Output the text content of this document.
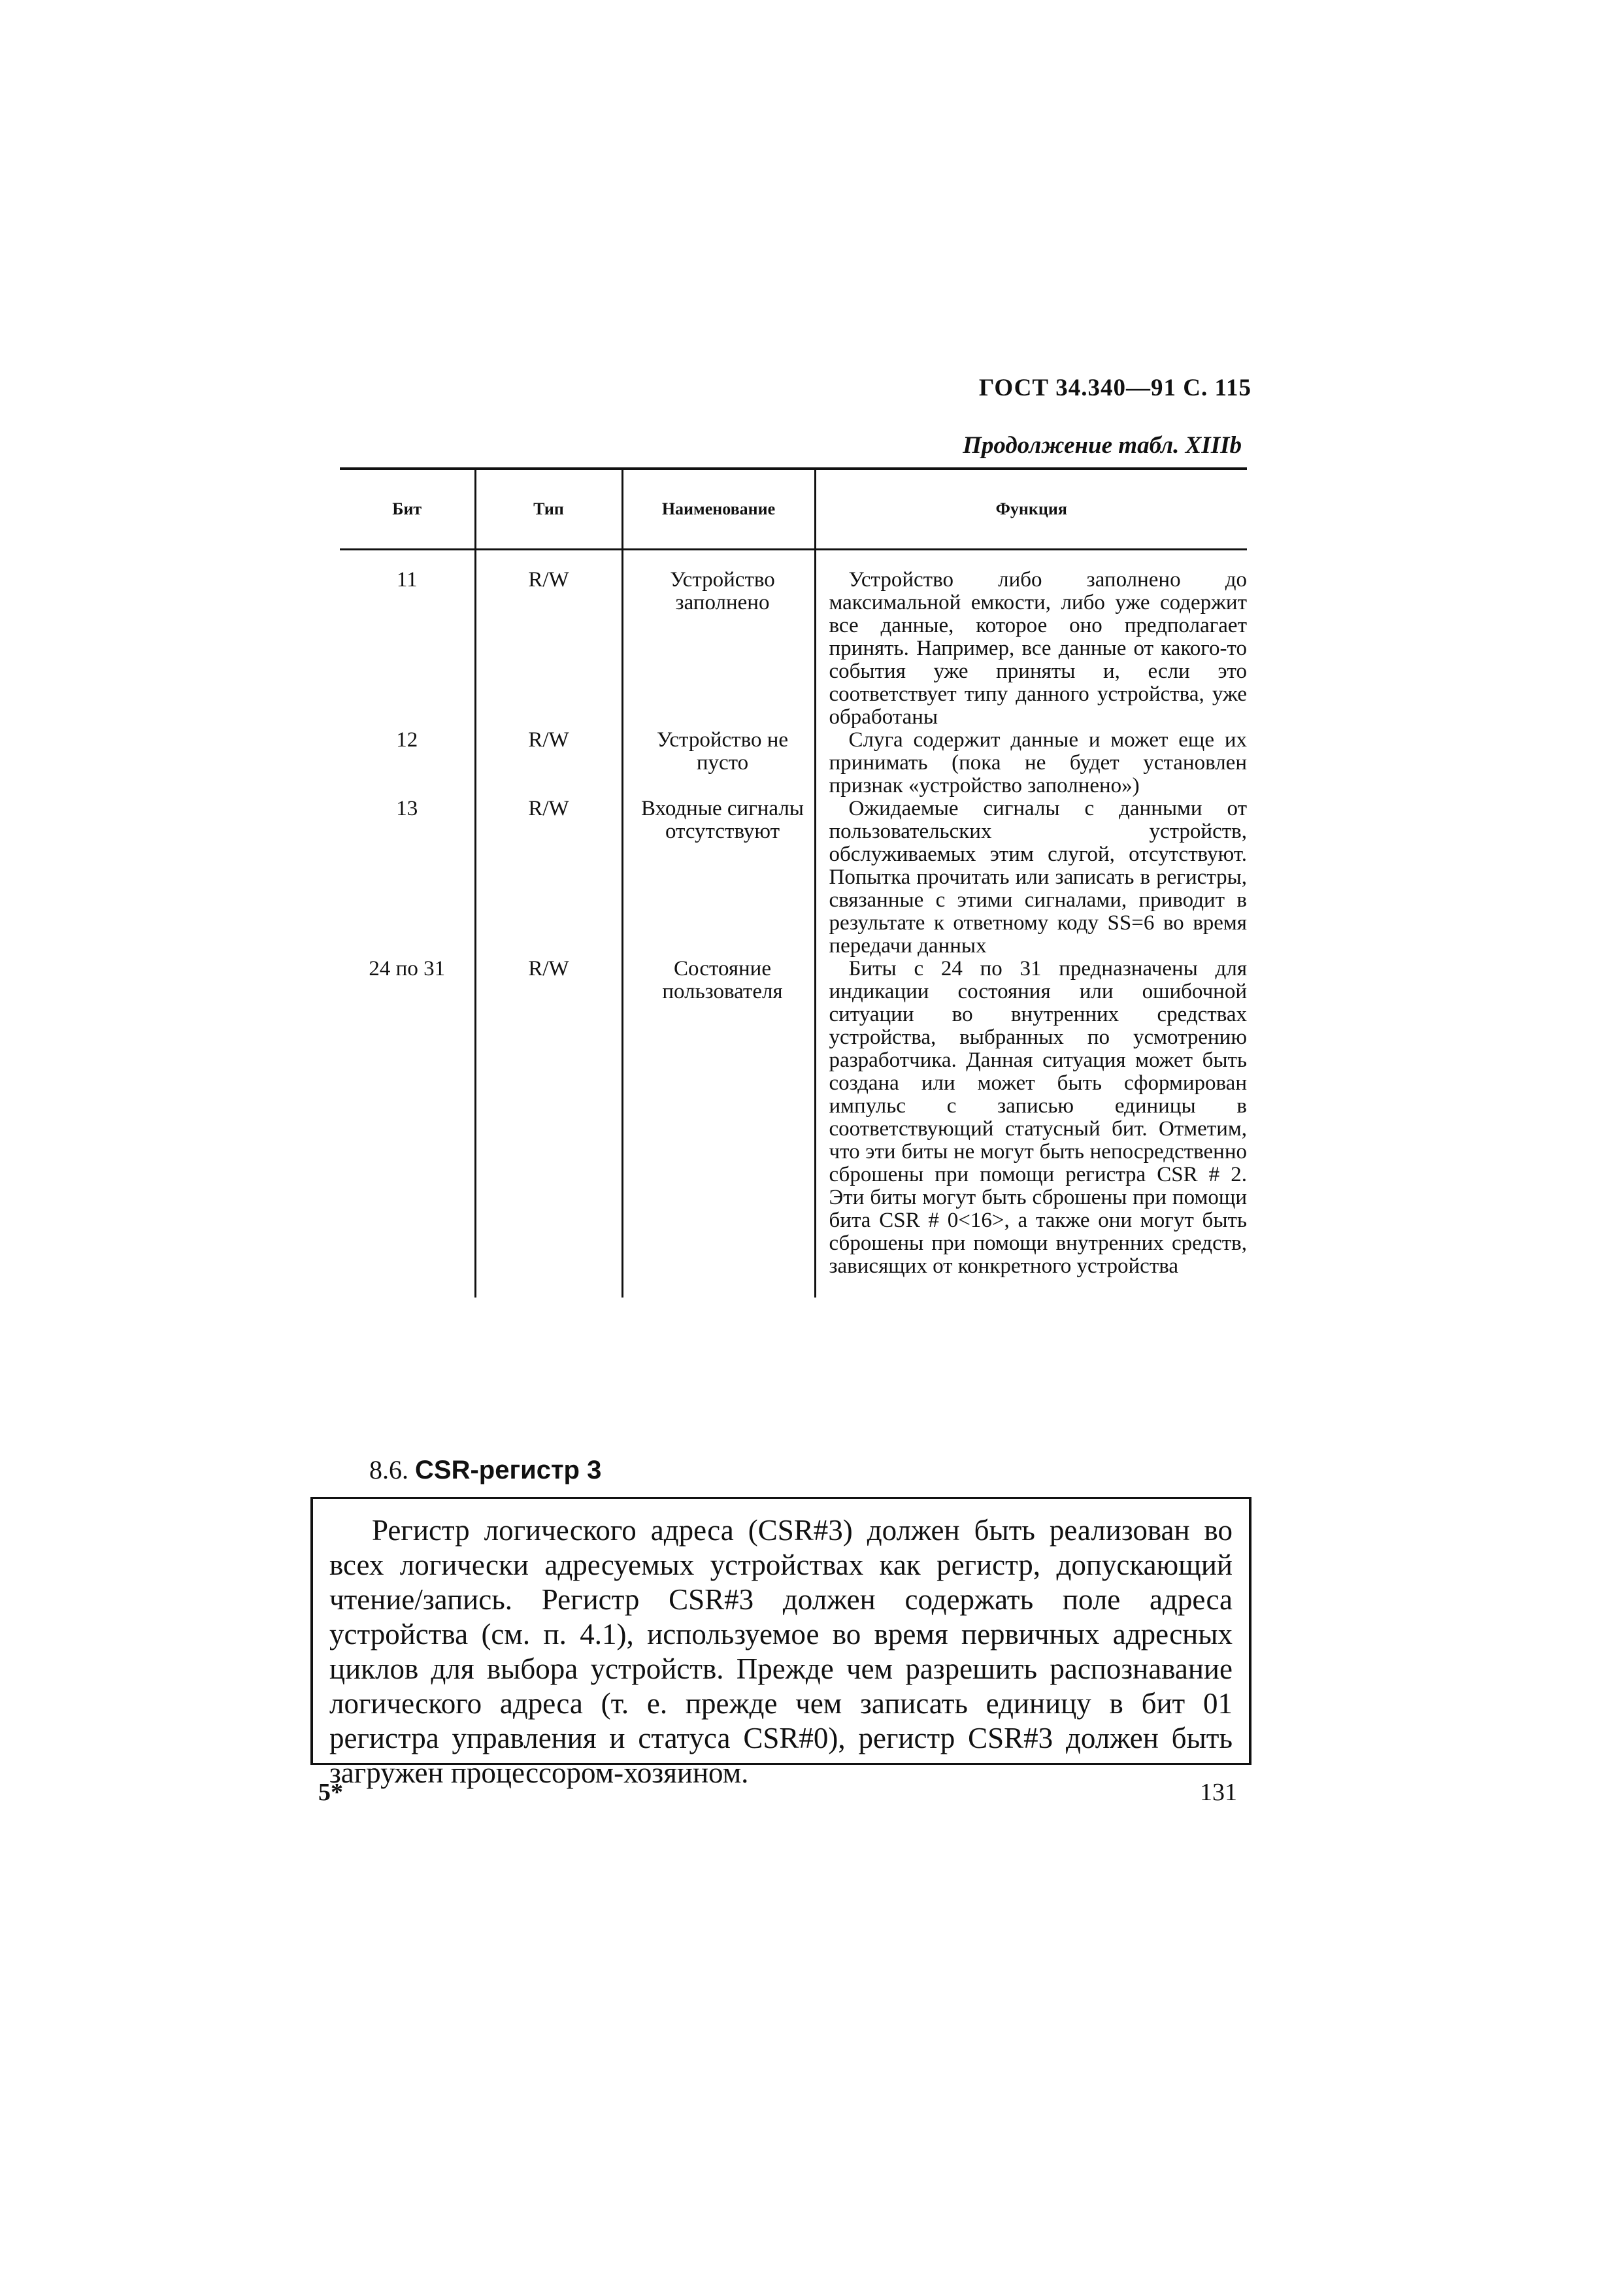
ГОСТ 34.340—91 С. 115
Продолжение табл. XIIIb
Бит	Тип	Наименование	Функция
11	R/W	Устройство заполнено	Устройство либо заполнено до максимальной емкости, либо уже содержит все данные, которое оно предполагает принять. Например, все данные от какого-то события уже приняты и, если это соответствует типу данного устройства, уже обработаны
12	R/W	Устройство не пусто	Слуга содержит данные и может еще их принимать (пока не будет установлен признак «устройство заполнено»)
13	R/W	Входные сигналы отсутствуют	Ожидаемые сигналы с данными от пользовательских устройств, обслуживаемых этим слугой, отсутствуют. Попытка прочитать или записать в регистры, связанные с этими сигналами, приводит в результате к ответному коду SS=6 во время передачи данных
24 по 31	R/W	Состояние пользователя	Биты с 24 по 31 предназначены для индикации состояния или ошибочной ситуации во внутренних средствах устройства, выбранных по усмотрению разработчика. Данная ситуация может быть создана или может быть сформирован импульс с записью единицы в соответствующий статусный бит. Отметим, что эти биты не могут быть непосредственно сброшены при помощи регистра CSR # 2. Эти биты могут быть сброшены при помощи бита CSR # 0<16>, а также они могут быть сброшены при помощи внутренних средств, зависящих от конкретного устройства
8.6. CSR-регистр 3

Регистр логического адреса (CSR#3) должен быть реализован во всех логически адресуемых устройствах как регистр, допускающий чтение/запись. Регистр CSR#3 должен содержать поле адреса устройства (см. п. 4.1), используемое во время первичных адресных циклов для выбора устройств. Прежде чем разрешить распознавание логического адреса (т. е. прежде чем записать единицу в бит 01 регистра управления и статуса CSR#0), регистр CSR#3 должен быть загружен процессором-хозяином.

5*	131
